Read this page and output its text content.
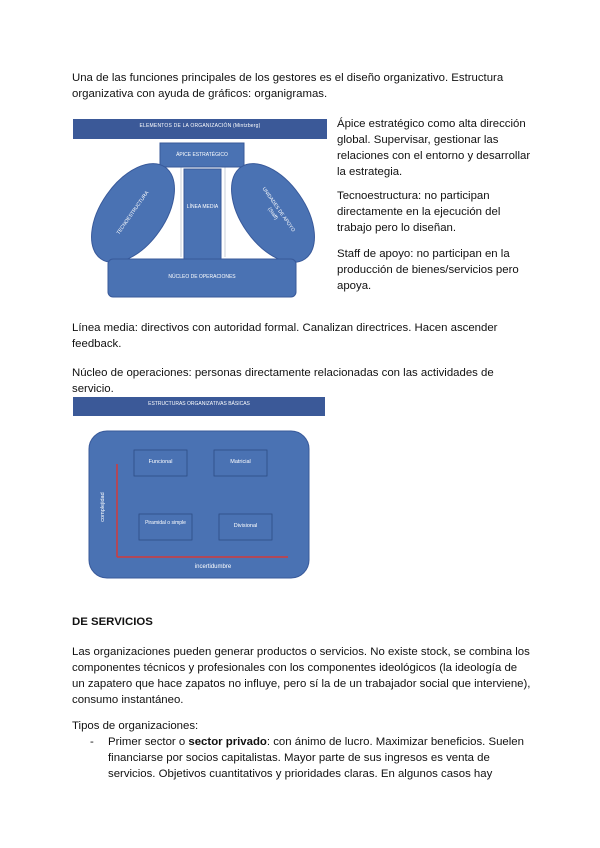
Una de las funciones principales de los gestores es el diseño organizativo. Estructura organizativa con ayuda de gráficos: organigramas.
ELEMENTOS DE LA ORGANIZACIÓN (Mintzberg)
ÁPICE ESTRATÉGICO
LÍNEA MEDIA
TECNOESTRUCTURA	UNIDADES DE APOYO (Staff)
NÚCLEO DE OPERACIONES
Ápice estratégico como alta dirección global. Supervisar, gestionar las relaciones con el entorno y desarrollar la estrategia.
Tecnoestructura: no participan directamente en la ejecución del trabajo pero lo diseñan.
Staff de apoyo: no participan en la producción de bienes/servicios pero apoya.
Línea media: directivos con autoridad formal. Canalizan directrices. Hacen ascender feedback.
Núcleo de operaciones: personas directamente relacionadas con las actividades de servicio.
ESTRUCTURAS ORGANIZATIVAS BÁSICAS
Funcional	Matricial
Piramidal o simple	Divisional
complejidad
incertidumbre
DE SERVICIOS
Las organizaciones pueden generar productos o servicios. No existe stock, se combina los componentes técnicos y profesionales con los componentes ideológicos (la ideología de un zapatero que hace zapatos no influye, pero sí la de un trabajador social que interviene), consumo instantáneo.
Tipos de organizaciones:
- Primer sector o sector privado: con ánimo de lucro. Maximizar beneficios. Suelen financiarse por socios capitalistas. Mayor parte de sus ingresos es venta de servicios. Objetivos cuantitativos y prioridades claras. En algunos casos hay
